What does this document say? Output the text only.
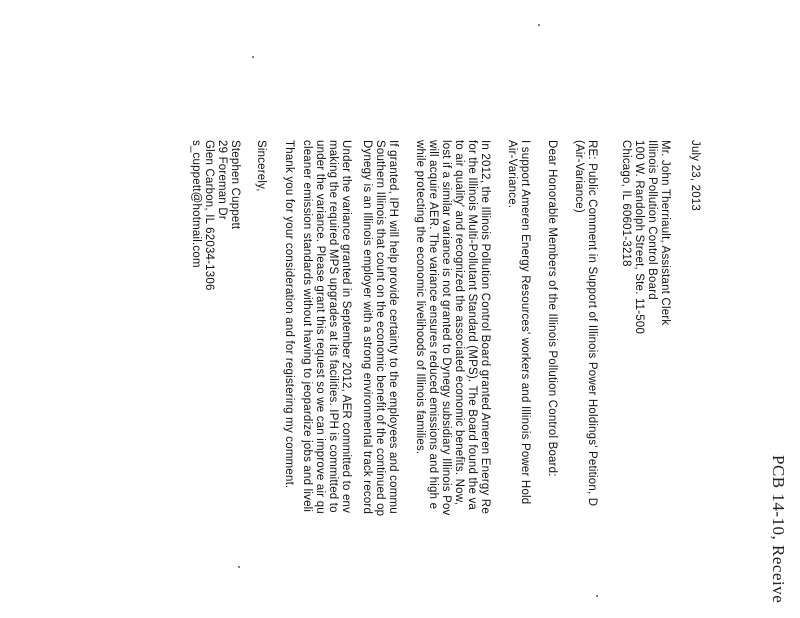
PCB 14-10, Receive
July 23, 2013
Mr. John Therriault, Assistant Clerk
Illinois Pollution Control Board
100 W. Randolph Street, Ste. 11-500
Chicago, IL 60601-3218
RE: Public Comment in Support of Illinois Power Holdings' Petition, D
(Air-Variance)
Dear Honorable Members of the Illinois Pollution Control Board:
I support Ameren Energy Resources' workers and Illinois Power Hold
Air-Variance.
In 2012, the Illinois Pollution Control Board granted Ameren Energy Re
for the Illinois Multi-Pollutant Standard (MPS). The Board found the va
to air quality' and recognized the associated economic benefits. Now,
lost if a similar variance is not granted to Dynegy subsidiary Illinois Pov
will acquire AER. The variance ensures reduced emissions and high e
while protecting the economic livelihoods of Illinois families.
If granted, IPH will help provide certainty to the employees and commu
Southern Illinois that count on the economic benefit of the continued op
Dynegy is an Illinois employer with a strong environmental track record
Under the variance granted in September 2012, AER committed to env
making the required MPS upgrades at its facilities. IPH is committed to
under the variance. Please grant this request so we can improve air qu
cleaner emission standards without having to jeopardize jobs and liveli
Thank you for your consideration and for registering my comment.
Sincerely,
Stephen Cuppett
29 Foreman Dr
Glen Carbon, IL 62034-1306
s_cuppett@hotmail.com
